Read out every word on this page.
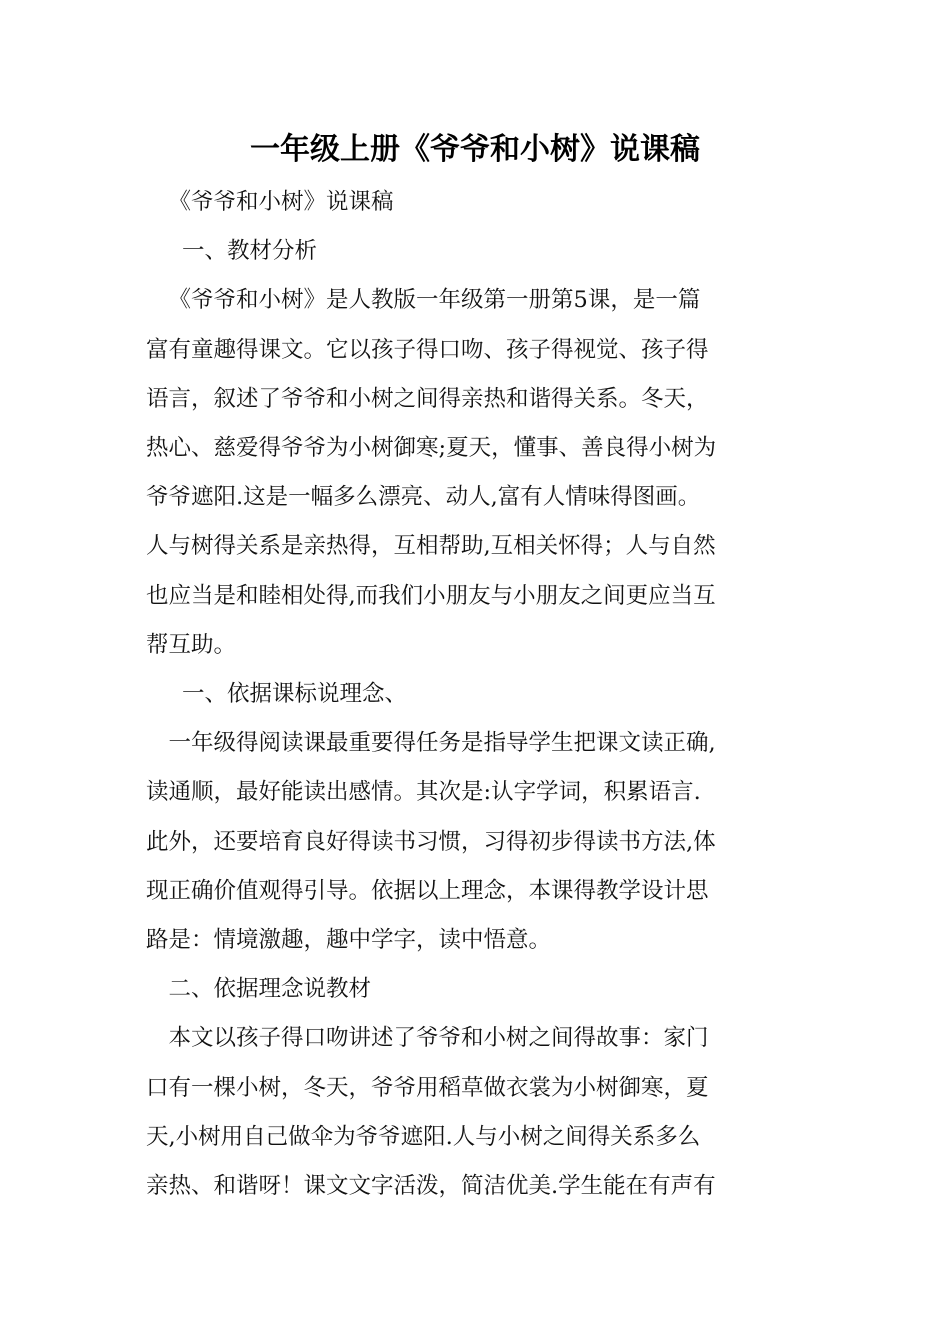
一年级上册《爷爷和小树》说课稿

《爷爷和小树》说课稿

一、教材分析

《爷爷和小树》是人教版一年级第一册第5课，是一篇

富有童趣得课文。它以孩子得口吻、孩子得视觉、孩子得

语言，叙述了爷爷和小树之间得亲热和谐得关系。冬天，

热心、慈爱得爷爷为小树御寒;夏天，懂事、善良得小树为

爷爷遮阳.这是一幅多么漂亮、动人,富有人情味得图画。

人与树得关系是亲热得，互相帮助,互相关怀得；人与自然

也应当是和睦相处得,而我们小朋友与小朋友之间更应当互

帮互助。

一、依据课标说理念、

一年级得阅读课最重要得任务是指导学生把课文读正确,

读通顺，最好能读出感情。其次是:认字学词，积累语言.

此外，还要培育良好得读书习惯，习得初步得读书方法,体

现正确价值观得引导。依据以上理念，本课得教学设计思

路是：情境激趣，趣中学字，读中悟意。

二、依据理念说教材

本文以孩子得口吻讲述了爷爷和小树之间得故事：家门

口有一棵小树，冬天，爷爷用稻草做衣裳为小树御寒，夏

天,小树用自己做伞为爷爷遮阳.人与小树之间得关系多么

亲热、和谐呀！课文文字活泼，简洁优美.学生能在有声有
